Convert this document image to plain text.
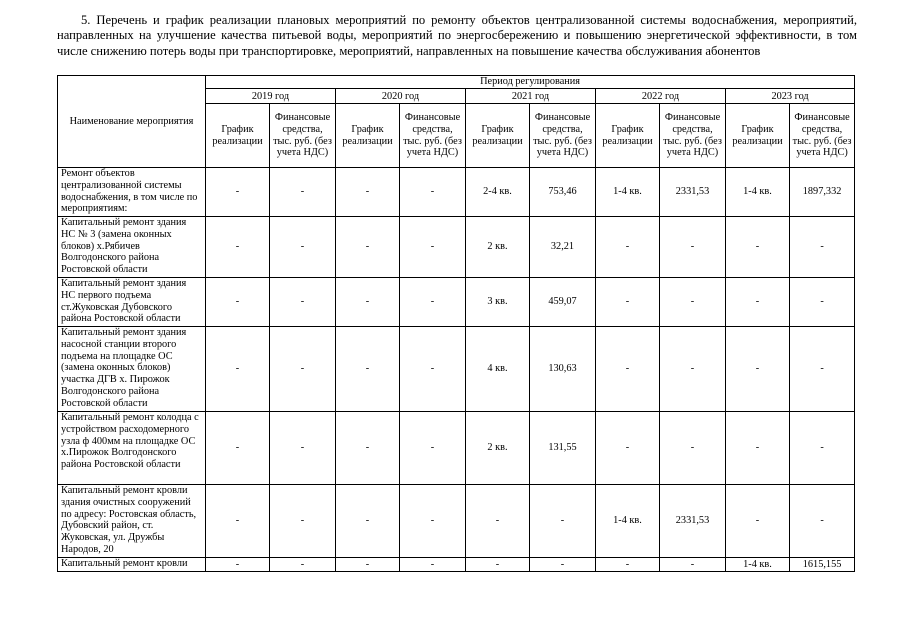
5. Перечень и график реализации плановых мероприятий по ремонту объектов централизованной системы водоснабжения, мероприятий, направленных на улучшение качества питьевой воды, мероприятий по энергосбережению и повышению энергетической эффективности, в том числе снижению потерь воды при транспортировке, мероприятий, направленных на повышение качества обслуживания абонентов

Наименование мероприятия	Период регулирования									
	2019 год		2020 год		2021 год		2022 год		2023 год	
	График реализации	Финансовые средства, тыс. руб. (без учета НДС)	График реализации	Финансовые средства, тыс. руб. (без учета НДС)	График реализации	Финансовые средства, тыс. руб. (без учета НДС)	График реализации	Финансовые средства, тыс. руб. (без учета НДС)	График реализации	Финансовые средства, тыс. руб. (без учета НДС)
Ремонт объектов централизованной системы водоснабжения, в том числе по мероприятиям:	-	-	-	-	2-4 кв.	753,46	1-4 кв.	2331,53	1-4 кв.	1897,332
Капитальный ремонт здания НС № 3 (замена оконных блоков) х.Рябичев Волгодонского района Ростовской области	-	-	-	-	2 кв.	32,21	-	-	-	-
Капитальный ремонт здания НС первого подъема ст.Жуковская Дубовского района Ростовской области	-	-	-	-	3 кв.	459,07	-	-	-	-
Капитальный ремонт здания насосной станции второго подъема на площадке ОС (замена оконных блоков) участка ДГВ х. Пирожок Волгодонского района Ростовской области	-	-	-	-	4 кв.	130,63	-	-	-	-
Капитальный ремонт колодца с устройством расходомерного узла ф 400мм на площадке ОС х.Пирожок Волгодонского района Ростовской области	-	-	-	-	2 кв.	131,55	-	-	-	-
Капитальный ремонт кровли здания очистных сооружений по адресу: Ростовская область, Дубовский район, ст. Жуковская, ул. Дружбы Народов, 20	-	-	-	-	-	-	1-4 кв.	2331,53	-	-
Капитальный ремонт кровли	-	-	-	-	-	-	-	-	1-4 кв.	1615,155
